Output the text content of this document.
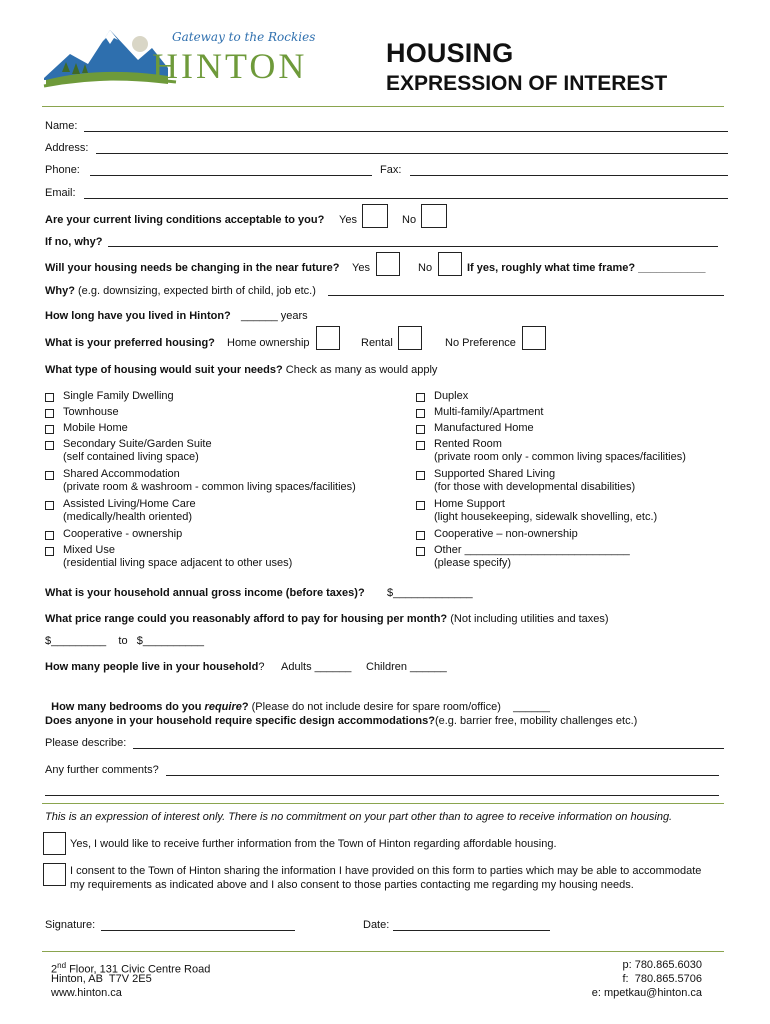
Gateway to the Rockies
HINTON	HOUSING
EXPRESSION OF INTEREST
Name:
Address:
Phone:	Fax:
Email:
Are your current living conditions acceptable to you? Yes	No
If no, why?
Will your housing needs be changing in the near future? Yes	No	If yes, roughly what time frame? ___________
Why? (e.g. downsizing, expected birth of child, job etc.)
How long have you lived in Hinton? ______ years
What is your preferred housing? Home ownership	Rental	No Preference
What type of housing would suit your needs? Check as many as would apply
Single Family Dwelling
Townhouse
Mobile Home
Secondary Suite/Garden Suite
(self contained living space)
Shared Accommodation
(private room & washroom - common living spaces/facilities)
Assisted Living/Home Care
(medically/health oriented)
Cooperative - ownership
Mixed Use
(residential living space adjacent to other uses)
Duplex
Multi-family/Apartment
Manufactured Home
Rented Room
(private room only - common living spaces/facilities)
Supported Shared Living
(for those with developmental disabilities)
Home Support
(light housekeeping, sidewalk shovelling, etc.)
Cooperative – non-ownership
Other ___________________________
(please specify)
What is your household annual gross income (before taxes)? $_____________
What price range could you reasonably afford to pay for housing per month? (Not including utilities and taxes)
$_________    to   $__________
How many people live in your household? Adults ______ Children ______

How many bedrooms do you require? (Please do not include desire for spare room/office)    ______

Does anyone in your household require specific design accommodations?(e.g. barrier free, mobility challenges etc.)
Please describe:
Any further comments?
This is an expression of interest only. There is no commitment on your part other than to agree to receive information on housing.
Yes, I would like to receive further information from the Town of Hinton regarding affordable housing.
I consent to the Town of Hinton sharing the information I have provided on this form to parties which may be able to accommodate
my requirements as indicated above and I also consent to those parties contacting me regarding my housing needs.
Signature:	Date:
2nd Floor, 131 Civic Centre Road
Hinton, AB  T7V 2E5
www.hinton.ca
p: 780.865.6030
f:  780.865.5706
e: mpetkau@hinton.ca
